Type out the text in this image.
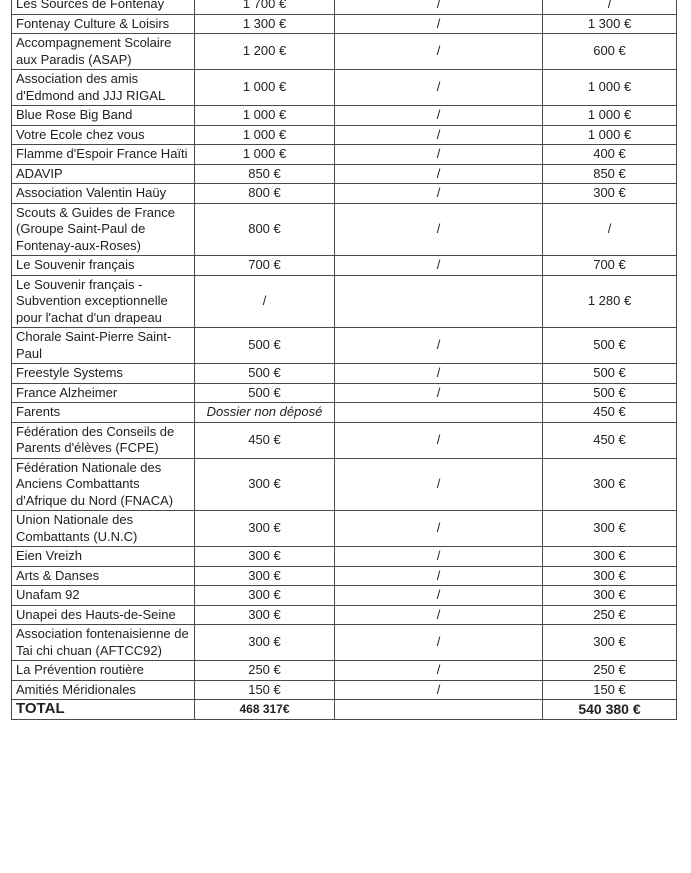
Les Sources de Fontenay	1 700 €	/	/
Fontenay Culture & Loisirs	1 300 €	/	1 300 €
Accompagnement Scolaire aux Paradis (ASAP)	1 200 €	/	600 €
Association des amis d'Edmond and JJJ RIGAL	1 000 €	/	1 000 €
Blue Rose Big Band	1 000 €	/	1 000 €
Votre Ecole chez vous	1 000 €	/	1 000 €
Flamme d'Espoir France Haïti	1 000 €	/	400 €
ADAVIP	850 €	/	850 €
Association Valentin Haüy	800 €	/	300 €
Scouts & Guides de France (Groupe Saint-Paul de Fontenay-aux-Roses)	800 €	/	/
Le Souvenir français	700 €	/	700 €
Le Souvenir français - Subvention exceptionnelle pour l'achat d'un drapeau	/		1 280 €
Chorale Saint-Pierre Saint-Paul	500 €	/	500 €
Freestyle Systems	500 €	/	500 €
France Alzheimer	500 €	/	500 €
Farents	Dossier non déposé		450 €
Fédération des Conseils de Parents d'élèves (FCPE)	450 €	/	450 €
Fédération Nationale des Anciens Combattants d'Afrique du Nord (FNACA)	300 €	/	300 €
Union Nationale des Combattants (U.N.C)	300 €	/	300 €
Eien Vreizh	300 €	/	300 €
Arts & Danses	300 €	/	300 €
Unafam 92	300 €	/	300 €
Unapei des Hauts-de-Seine	300 €	/	250 €
Association fontenaisienne de Tai chi chuan (AFTCC92)	300 €	/	300 €
La Prévention routière	250 €	/	250 €
Amitiés Méridionales	150 €	/	150 €
TOTAL	468 317€		540 380 €
